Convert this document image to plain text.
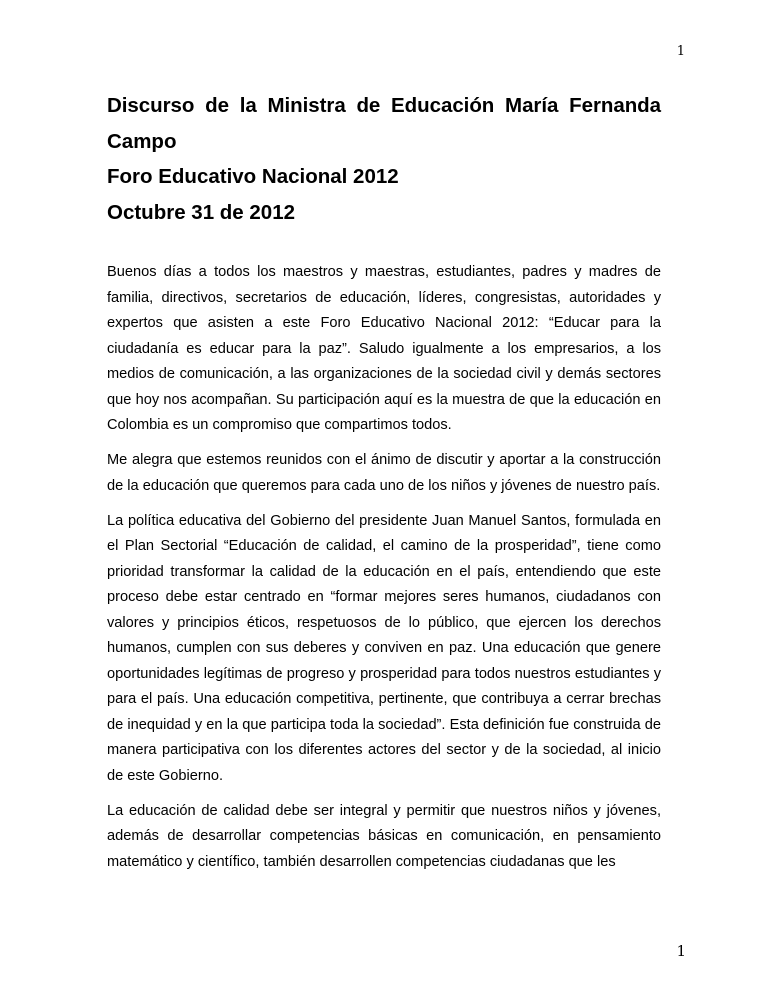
1
Discurso de la Ministra de Educación María Fernanda
Campo
Foro Educativo Nacional 2012
Octubre 31 de 2012

Buenos días a todos los maestros y maestras, estudiantes, padres y madres de familia, directivos, secretarios de educación, líderes, congresistas, autoridades y expertos que asisten a este Foro Educativo Nacional 2012: “Educar para la ciudadanía es educar para la paz”. Saludo igualmente a los empresarios, a los medios de comunicación, a las organizaciones de la sociedad civil y demás sectores que hoy nos acompañan. Su participación aquí es la muestra de que la educación en Colombia es un compromiso que compartimos todos.

Me alegra que estemos reunidos con el ánimo de discutir y aportar a la construcción de la educación que queremos para cada uno de los niños y jóvenes de nuestro país.

La política educativa del Gobierno del presidente Juan Manuel Santos, formulada en el Plan Sectorial “Educación de calidad, el camino de la prosperidad”, tiene como prioridad transformar la calidad de la educación en el país, entendiendo que este proceso debe estar centrado en “formar mejores seres humanos, ciudadanos con valores y principios éticos, respetuosos de lo público, que ejercen los derechos humanos, cumplen con sus deberes y conviven en paz. Una educación que genere oportunidades legítimas de progreso y prosperidad para todos nuestros estudiantes y para el país. Una educación competitiva, pertinente, que contribuya a cerrar brechas de inequidad y en la que participa toda la sociedad”. Esta definición fue construida de manera participativa con los diferentes actores del sector y de la sociedad, al inicio de este Gobierno.

La educación de calidad debe ser integral y permitir que nuestros niños y jóvenes, además de desarrollar competencias básicas en comunicación, en pensamiento matemático y científico, también desarrollen competencias ciudadanas que les

1
